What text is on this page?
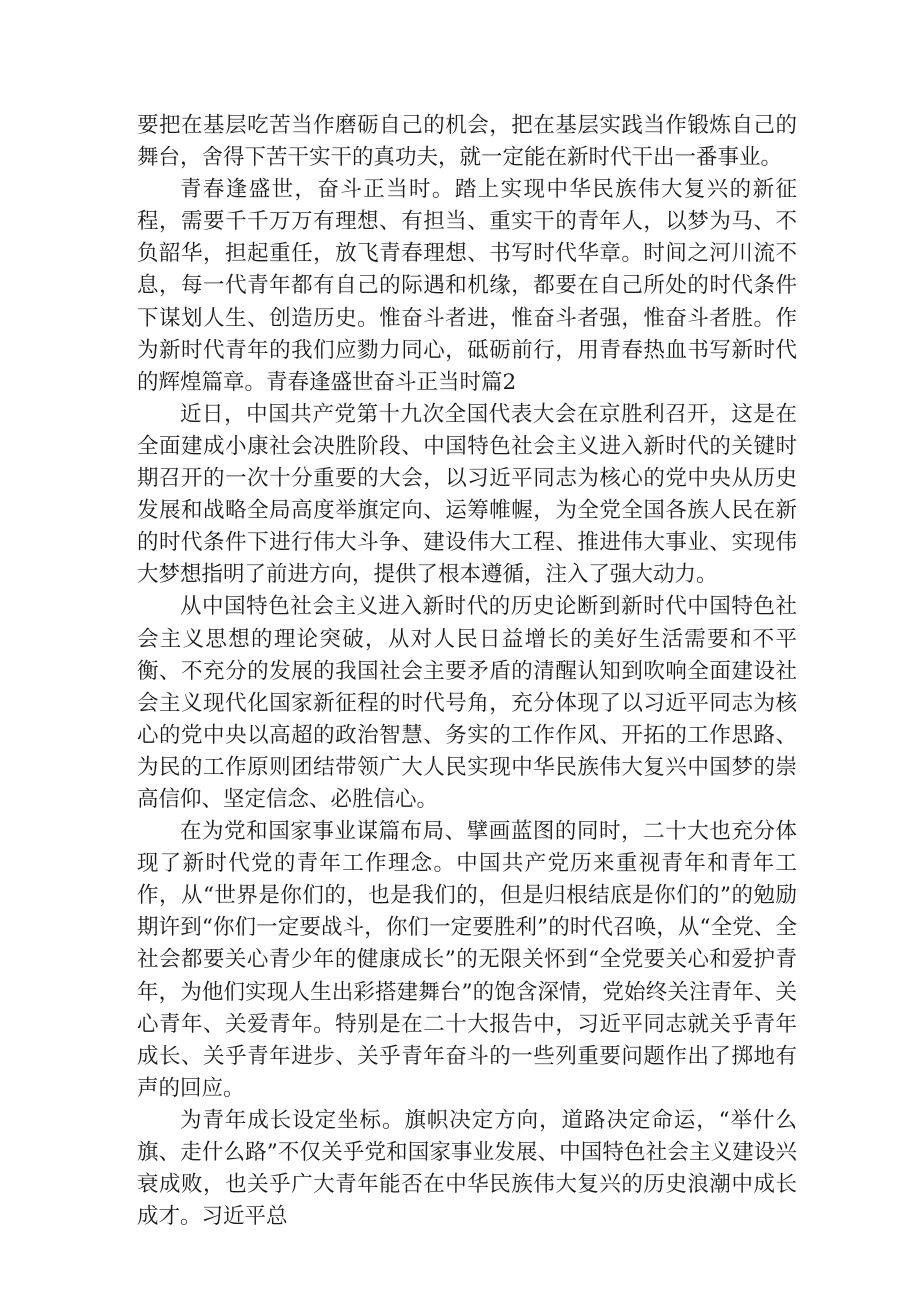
要把在基层吃苦当作磨砺自己的机会，把在基层实践当作锻炼自己的舞台，舍得下苦干实干的真功夫，就一定能在新时代干出一番事业。

青春逢盛世，奋斗正当时。踏上实现中华民族伟大复兴的新征程，需要千千万万有理想、有担当、重实干的青年人，以梦为马、不负韶华，担起重任，放飞青春理想、书写时代华章。时间之河川流不息，每一代青年都有自己的际遇和机缘，都要在自己所处的时代条件下谋划人生、创造历史。惟奋斗者进，惟奋斗者强，惟奋斗者胜。作为新时代青年的我们应勠力同心，砥砺前行，用青春热血书写新时代的辉煌篇章。青春逢盛世奋斗正当时篇2

近日，中国共产党第十九次全国代表大会在京胜利召开，这是在全面建成小康社会决胜阶段、中国特色社会主义进入新时代的关键时期召开的一次十分重要的大会，以习近平同志为核心的党中央从历史发展和战略全局高度举旗定向、运筹帷幄，为全党全国各族人民在新的时代条件下进行伟大斗争、建设伟大工程、推进伟大事业、实现伟大梦想指明了前进方向，提供了根本遵循，注入了强大动力。

从中国特色社会主义进入新时代的历史论断到新时代中国特色社会主义思想的理论突破，从对人民日益增长的美好生活需要和不平衡、不充分的发展的我国社会主要矛盾的清醒认知到吹响全面建设社会主义现代化国家新征程的时代号角，充分体现了以习近平同志为核心的党中央以高超的政治智慧、务实的工作作风、开拓的工作思路、为民的工作原则团结带领广大人民实现中华民族伟大复兴中国梦的崇高信仰、坚定信念、必胜信心。

在为党和国家事业谋篇布局、擘画蓝图的同时，二十大也充分体现了新时代党的青年工作理念。中国共产党历来重视青年和青年工作，从“世界是你们的，也是我们的，但是归根结底是你们的”的勉励期许到“你们一定要战斗，你们一定要胜利”的时代召唤，从“全党、全社会都要关心青少年的健康成长”的无限关怀到“全党要关心和爱护青年，为他们实现人生出彩搭建舞台”的饱含深情，党始终关注青年、关心青年、关爱青年。特别是在二十大报告中，习近平同志就关乎青年成长、关乎青年进步、关乎青年奋斗的一些列重要问题作出了掷地有声的回应。

为青年成长设定坐标。旗帜决定方向，道路决定命运，“举什么旗、走什么路”不仅关乎党和国家事业发展、中国特色社会主义建设兴衰成败，也关乎广大青年能否在中华民族伟大复兴的历史浪潮中成长成才。习近平总
